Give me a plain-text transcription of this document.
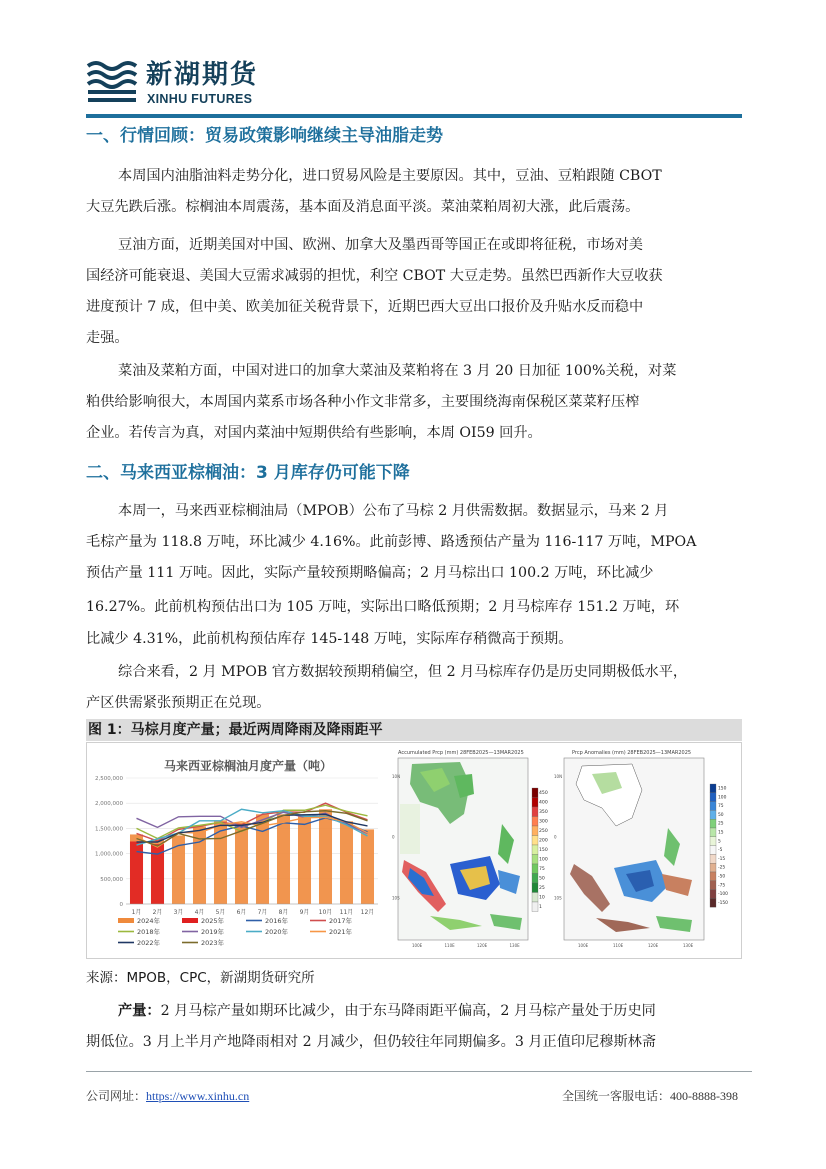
新湖期货
XINHU FUTURES
一、行情回顾：贸易政策影响继续主导油脂走势
本周国内油脂油料走势分化，进口贸易风险是主要原因。其中，豆油、豆粕跟随 CBOT
大豆先跌后涨。棕榈油本周震荡，基本面及消息面平淡。菜油菜粕周初大涨，此后震荡。
豆油方面，近期美国对中国、欧洲、加拿大及墨西哥等国正在或即将征税，市场对美
国经济可能衰退、美国大豆需求减弱的担忧，利空 CBOT 大豆走势。虽然巴西新作大豆收获
进度预计 7 成，但中美、欧美加征关税背景下，近期巴西大豆出口报价及升贴水反而稳中
走强。
菜油及菜粕方面，中国对进口的加拿大菜油及菜粕将在 3 月 20 日加征 100%关税，对菜
粕供给影响很大，本周国内菜系市场各种小作文非常多，主要围绕海南保税区菜菜籽压榨
企业。若传言为真，对国内菜油中短期供给有些影响，本周 OI59 回升。
二、马来西亚棕榈油：3 月库存仍可能下降
本周一，马来西亚棕榈油局（MPOB）公布了马棕 2 月供需数据。数据显示，马来 2 月
毛棕产量为 118.8 万吨，环比减少 4.16%。此前彭博、路透预估产量为 116-117 万吨，MPOA
预估产量 111 万吨。因此，实际产量较预期略偏高；2 月马棕出口 100.2 万吨，环比减少
16.27%。此前机构预估出口为 105 万吨，实际出口略低预期；2 月马棕库存 151.2 万吨，环
比减少 4.31%，此前机构预估库存 145-148 万吨，实际库存稍微高于预期。
综合来看，2 月 MPOB 官方数据较预期稍偏空，但 2 月马棕库存仍是历史同期极低水平，
产区供需紧张预期正在兑现。
图 1：马棕月度产量；最近两周降雨及降雨距平
马来西亚棕榈油月度产量（吨）
1月 2月 3月 4月 5月 6月 7月 8月 9月 10月 11月 12月
2,500,000
2,000,000
1,500,000
1,000,000
500,000
0
2024年	2025年	2016年	2017年
2018年	2019年	2020年	2021年
2022年	2023年
Accumulated Prcp (mm) 28FEB2025—13MAR2025
450
400
350
300
250
200
150
100
75
50
25
10
1
10N
0
10S
100E	110E	120E	130E
Prcp Anomalies (mm) 28FEB2025—13MAR2025
150
100
75
50
25
15
5
-5
-15
-25
-50
-75
-100
-150
10N
0
10S
100E	110E	120E	130E
来源：MPOB，CPC，新湖期货研究所
产量：2 月马棕产量如期环比减少，由于东马降雨距平偏高，2 月马棕产量处于历史同
期低位。3 月上半月产地降雨相对 2 月减少，但仍较往年同期偏多。3 月正值印尼穆斯林斋
公司网址：https://www.xinhu.cn	全国统一客服电话：400-8888-398
